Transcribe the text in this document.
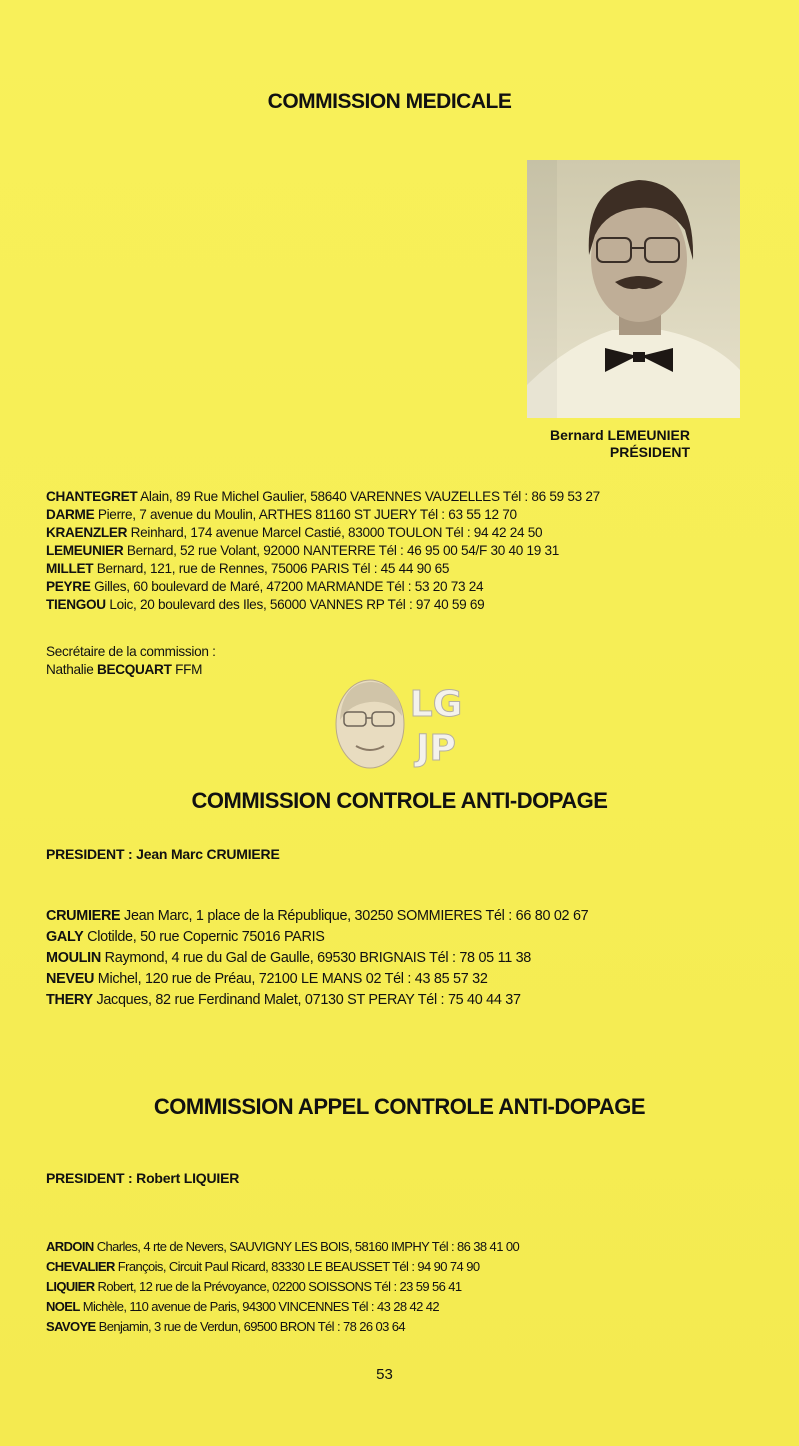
COMMISSION MEDICALE
Bernard LEMEUNIER
PRÉSIDENT
CHANTEGRET Alain, 89 Rue Michel Gaulier, 58640 VARENNES VAUZELLES Tél : 86 59 53 27
DARME Pierre, 7 avenue du Moulin, ARTHES 81160 ST JUERY Tél : 63 55 12 70
KRAENZLER Reinhard, 174 avenue Marcel Castié, 83000 TOULON Tél : 94 42 24 50
LEMEUNIER Bernard, 52 rue Volant, 92000 NANTERRE Tél : 46 95 00 54/F 30 40 19 31
MILLET Bernard, 121, rue de Rennes, 75006 PARIS Tél : 45 44 90 65
PEYRE Gilles, 60 boulevard de Maré, 47200 MARMANDE Tél : 53 20 73 24
TIENGOU Loic, 20 boulevard des Iles, 56000 VANNES RP Tél : 97 40 59 69
Secrétaire de la commission :
Nathalie BECQUART FFM
LG
JP
COMMISSION CONTROLE ANTI-DOPAGE
PRESIDENT : Jean Marc CRUMIERE
CRUMIERE Jean Marc, 1 place de la République, 30250 SOMMIERES Tél : 66 80 02 67
GALY Clotilde, 50 rue Copernic 75016 PARIS
MOULIN Raymond, 4 rue du Gal de Gaulle, 69530 BRIGNAIS Tél : 78 05 11 38
NEVEU Michel, 120 rue de Préau, 72100 LE MANS 02 Tél : 43 85 57 32
THERY Jacques, 82 rue Ferdinand Malet, 07130 ST PERAY Tél : 75 40 44 37
COMMISSION APPEL CONTROLE ANTI-DOPAGE
PRESIDENT : Robert LIQUIER
ARDOIN Charles, 4 rte de Nevers, SAUVIGNY LES BOIS, 58160 IMPHY Tél : 86 38 41 00
CHEVALIER François, Circuit Paul Ricard, 83330 LE BEAUSSET Tél : 94 90 74 90
LIQUIER Robert, 12 rue de la Prévoyance, 02200 SOISSONS Tél : 23 59 56 41
NOEL Michèle, 110 avenue de Paris, 94300 VINCENNES Tél : 43 28 42 42
SAVOYE Benjamin, 3 rue de Verdun, 69500 BRON Tél : 78 26 03 64
53
